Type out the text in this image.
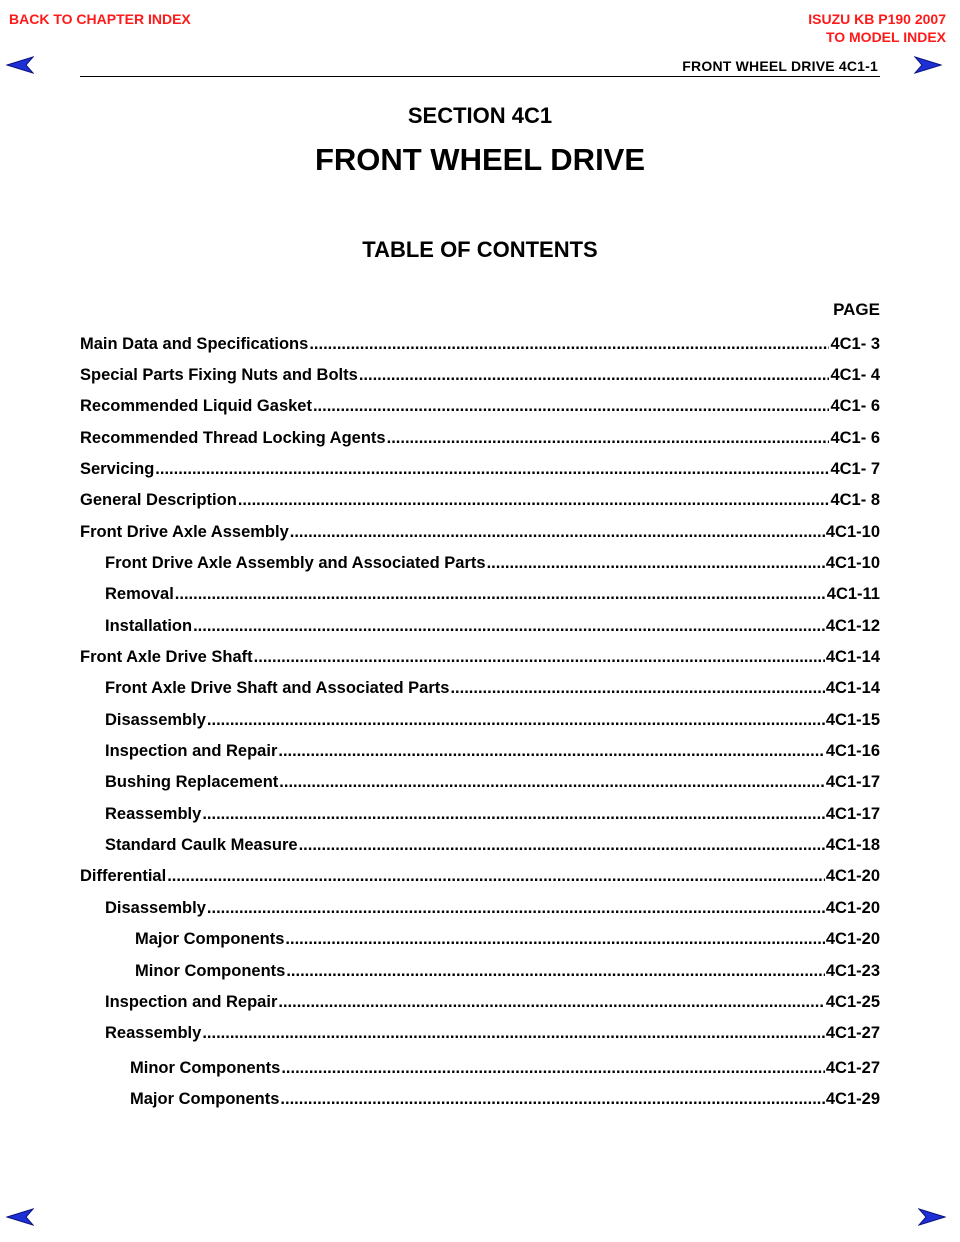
BACK TO CHAPTER INDEX	ISUZU KB P190 2007
TO MODEL INDEX
FRONT WHEEL DRIVE 4C1-1
SECTION 4C1
FRONT WHEEL DRIVE
TABLE OF CONTENTS
PAGE
Main Data and Specifications .....	4C1- 3
Special Parts Fixing Nuts and Bolts .....	4C1- 4
Recommended Liquid Gasket .....	4C1- 6
Recommended Thread Locking Agents .....	4C1- 6
Servicing .....	4C1- 7
General Description .....	4C1- 8
Front Drive Axle Assembly .....	4C1-10
Front Drive Axle Assembly and Associated Parts .....	4C1-10
Removal .....	4C1-11
Installation .....	4C1-12
Front Axle Drive Shaft .....	4C1-14
Front Axle Drive Shaft and Associated Parts .....	4C1-14
Disassembly .....	4C1-15
Inspection and Repair .....	4C1-16
Bushing Replacement .....	4C1-17
Reassembly .....	4C1-17
Standard Caulk Measure .....	4C1-18
Differential .....	4C1-20
Disassembly .....	4C1-20
Major Components .....	4C1-20
Minor Components .....	4C1-23
Inspection and Repair .....	4C1-25
Reassembly .....	4C1-27
Minor Components .....	4C1-27
Major Components .....	4C1-29
